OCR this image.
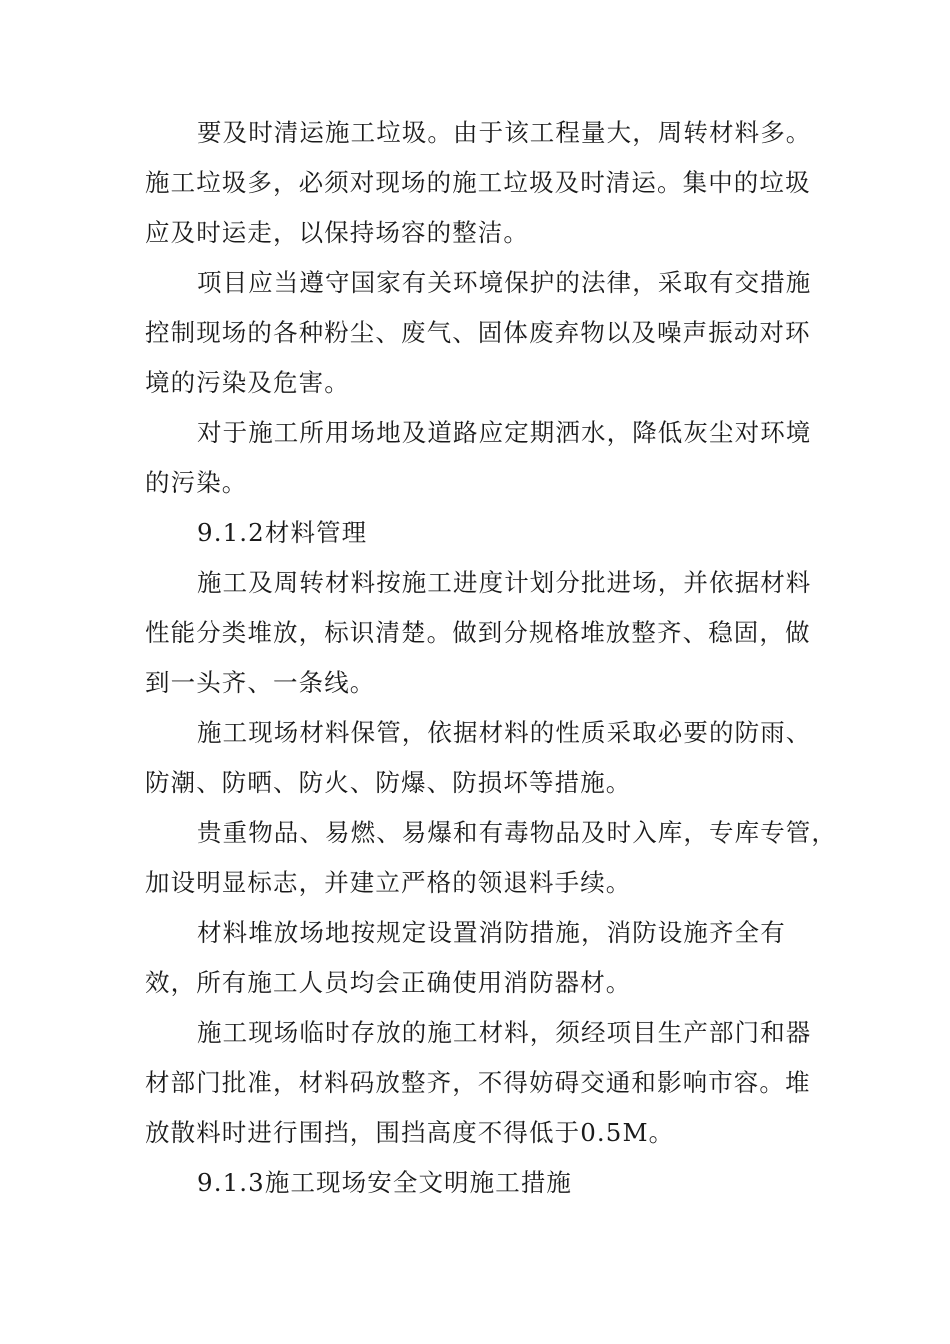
要及时清运施工垃圾。由于该工程量大，周转材料多。
施工垃圾多，必须对现场的施工垃圾及时清运。集中的垃圾
应及时运走，以保持场容的整洁。
项目应当遵守国家有关环境保护的法律，采取有交措施
控制现场的各种粉尘、废气、固体废弃物以及噪声振动对环
境的污染及危害。
对于施工所用场地及道路应定期洒水，降低灰尘对环境
的污染。
9.1.2材料管理
施工及周转材料按施工进度计划分批进场，并依据材料
性能分类堆放，标识清楚。做到分规格堆放整齐、稳固，做
到一头齐、一条线。
施工现场材料保管，依据材料的性质采取必要的防雨、
防潮、防晒、防火、防爆、防损坏等措施。
贵重物品、易燃、易爆和有毒物品及时入库，专库专管，
加设明显标志，并建立严格的领退料手续。
材料堆放场地按规定设置消防措施，消防设施齐全有
效，所有施工人员均会正确使用消防器材。
施工现场临时存放的施工材料，须经项目生产部门和器
材部门批准，材料码放整齐，不得妨碍交通和影响市容。堆
放散料时进行围挡，围挡高度不得低于0.5M。
9.1.3施工现场安全文明施工措施
